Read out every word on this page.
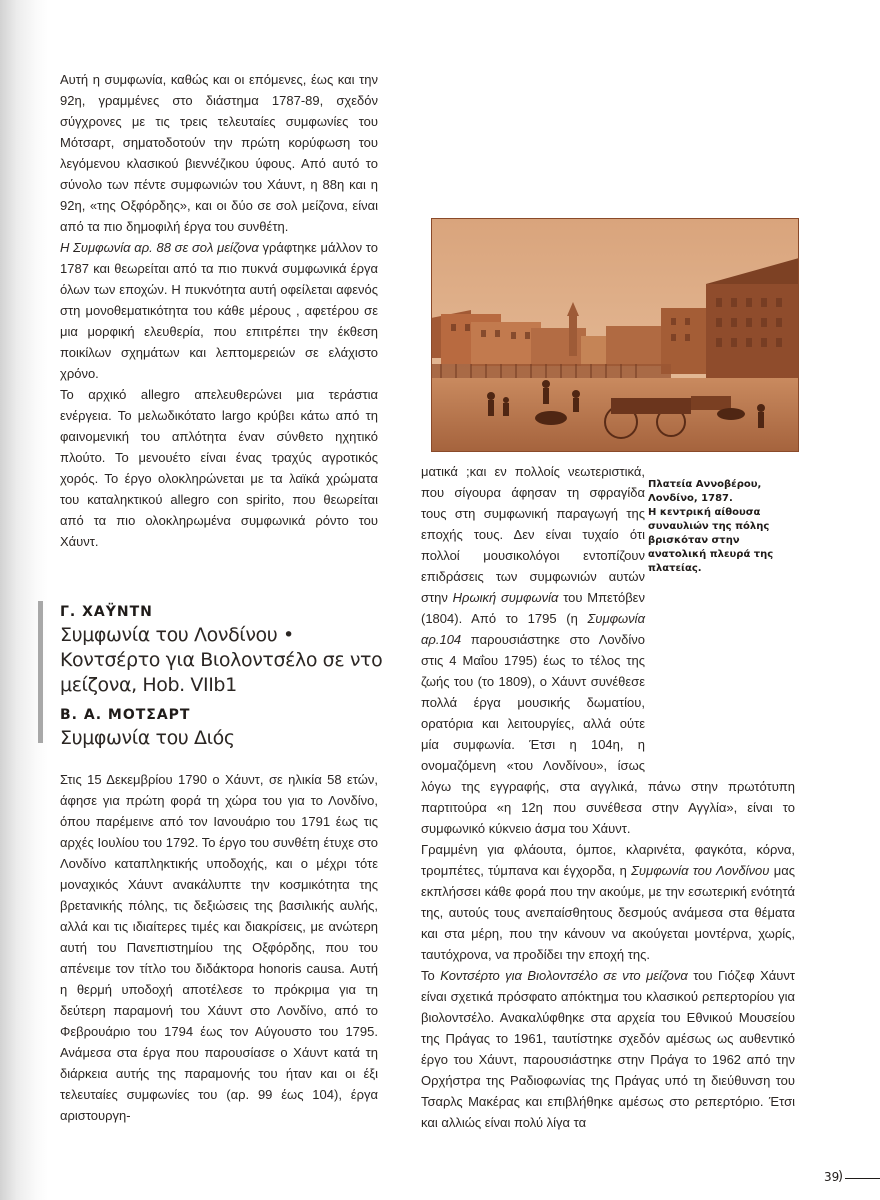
Αυτή η συμφωνία, καθώς και οι επόμενες, έως και την 92η, γραμμένες στο διάστημα 1787-89, σχεδόν σύγχρονες με τις τρεις τελευταίες συμφωνίες του Μότσαρτ, σηματοδοτούν την πρώτη κορύφωση του λεγόμενου κλασικού βιεννέζικου ύφους. Από αυτό το σύνολο των πέντε συμφωνιών του Χάυντ, η 88η και η 92η, «της Οξφόρδης», και οι δύο σε σολ μείζονα, είναι από τα πιο δημοφιλή έργα του συνθέτη.

Η Συμφωνία αρ. 88 σε σολ μείζονα γράφτηκε μάλλον το 1787 και θεωρείται από τα πιο πυκνά συμφωνικά έργα όλων των εποχών. Η πυκνότητα αυτή οφείλεται αφενός στη μονοθεματικότητα του κάθε μέρους , αφετέρου σε μια μορφική ελευθερία, που επιτρέπει την έκθεση ποικίλων σχημάτων και λεπτομερειών σε ελάχιστο χρόνο.

Το αρχικό allegro απελευθερώνει μια τεράστια ενέργεια. Το μελωδικότατο largo κρύβει κάτω από τη φαινομενική του απλότητα έναν σύνθετο ηχητικό πλούτο. Το μενουέτο είναι ένας τραχύς αγροτικός χορός. Το έργο ολοκληρώνεται με τα λαϊκά χρώματα του καταληκτικού allegro con spirito, που θεωρείται από τα πιο ολοκληρωμένα συμφωνικά ρόντο του Χάυντ.

Γ. ΧΑΫΝΤΝ

Συμφωνία του Λονδίνου • Κοντσέρτο για Βιολοντσέλο σε ντο μείζονα, Hob. VIIb1

Β. Α. ΜΟΤΣΑΡΤ

Συμφωνία του Διός

Στις 15 Δεκεμβρίου 1790 ο Χάυντ, σε ηλικία 58 ετών, άφησε για πρώτη φορά τη χώρα του για το Λονδίνο, όπου παρέμεινε από τον Ιανουάριο του 1791 έως τις αρχές Ιουλίου του 1792. Το έργο του συνθέτη έτυχε στο Λονδίνο καταπληκτικής υποδοχής, και ο μέχρι τότε μοναχικός Χάυντ ανακάλυπτε την κοσμικότητα της βρετανικής πόλης, τις δεξιώσεις της βασιλικής αυλής, αλλά και τις ιδιαίτερες τιμές και διακρίσεις, με ανώτερη αυτή του Πανεπιστημίου της Οξφόρδης, που του απένειμε τον τίτλο του διδάκτορα honoris causa. Αυτή η θερμή υποδοχή αποτέλεσε το πρόκριμα για τη δεύτερη παραμονή του Χάυντ στο Λονδίνο, από το Φεβρουάριο του 1794 έως τον Αύγουστο του 1795. Ανάμεσα στα έργα που παρουσίασε ο Χάυντ κατά τη διάρκεια αυτής της παραμονής του ήταν και οι έξι τελευταίες συμφωνίες του (αρ. 99 έως 104), έργα αριστουργη-

Πλατεία Αννοβέρου,

Λονδίνο, 1787.

Η κεντρική αίθουσα συναυλιών της πόλης βρισκόταν στην ανατολική πλευρά της πλατείας.

ματικά ;και εν πολλοίς νεωτεριστικά, που σίγουρα άφησαν τη σφραγίδα τους στη συμφωνική παραγωγή της εποχής τους. Δεν είναι τυχαίο ότι πολλοί μουσικολόγοι εντοπίζουν επιδράσεις των συμφωνιών αυτών στην Ηρωική συμφωνία του Μπετόβεν (1804). Από το 1795 (η Συμφωνία αρ.104 παρουσιάστηκε στο Λονδίνο στις 4 Μαΐου 1795) έως το τέλος της ζωής του (το 1809), ο Χάυντ συνέθεσε πολλά έργα μουσικής δωματίου, ορατόρια και λειτουργίες, αλλά ούτε μία συμφωνία. Έτσι η 104η, η ονομαζόμενη «του Λονδίνου», ίσως λόγω της εγγραφής, στα αγγλικά, πάνω στην πρωτότυπη παρτιτούρα «η 12η που συνέθεσα στην Αγγλία», είναι το συμφωνικό κύκνειο άσμα του Χάυντ.

Γραμμένη για φλάουτα, όμποε, κλαρινέτα, φαγκότα, κόρνα, τρομπέτες, τύμπανα και έγχορδα, η Συμφωνία του Λονδίνου μας εκπλήσσει κάθε φορά που την ακούμε, με την εσωτερική ενότητά της, αυτούς τους ανεπαίσθητους δεσμούς ανάμεσα στα θέματα και στα μέρη, που την κάνουν να ακούγεται μοντέρνα, χωρίς, ταυτόχρονα, να προδίδει την εποχή της.

Το Κοντσέρτο για Βιολοντσέλο σε ντο μείζονα του Γιόζεφ Χάυντ είναι σχετικά πρόσφατο απόκτημα του κλασικού ρεπερτορίου για βιολοντσέλο. Ανακαλύφθηκε στα αρχεία του Εθνικού Μουσείου της Πράγας το 1961, ταυτίστηκε σχεδόν αμέσως ως αυθεντικό έργο του Χάυντ, παρουσιάστηκε στην Πράγα το 1962 από την Ορχήστρα της Ραδιοφωνίας της Πράγας υπό τη διεύθυνση του Τσαρλς Μακέρας και επιβλήθηκε αμέσως στο ρεπερτόριο. Έτσι και αλλιώς είναι πολύ λίγα τα

39
)
